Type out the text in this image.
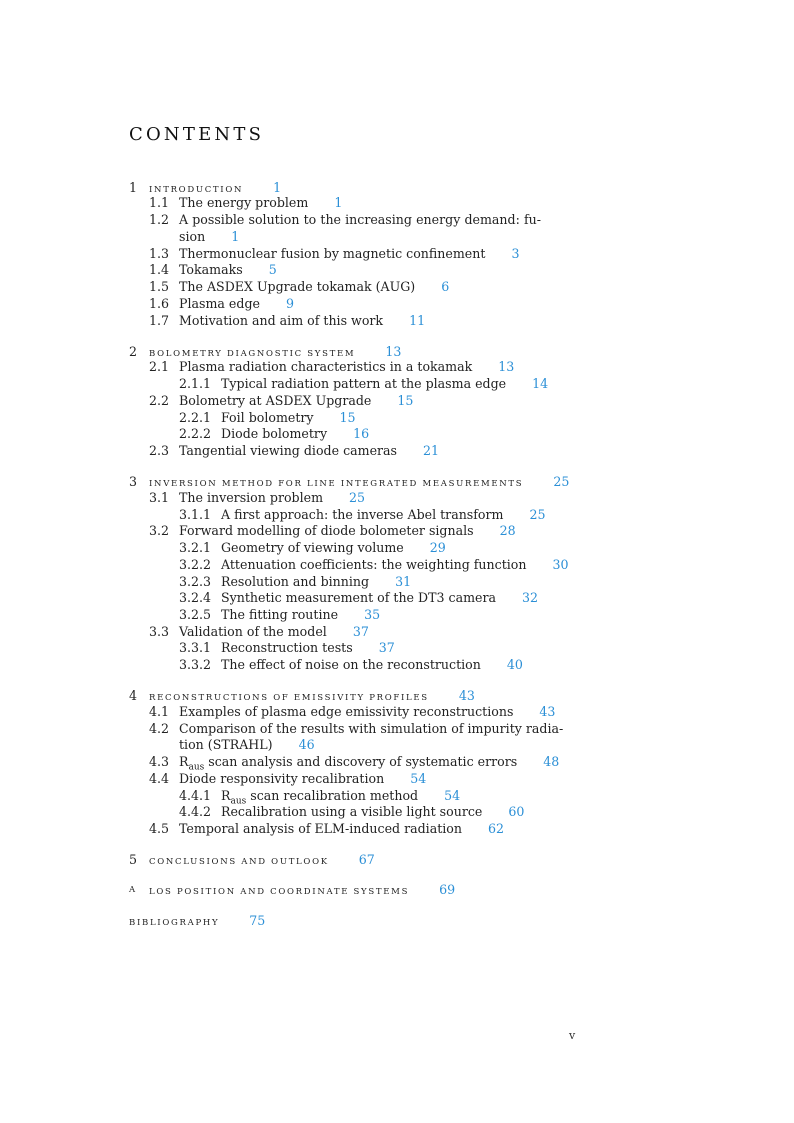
CONTENTS
1 INTRODUCTION 1
1.1 The energy problem 1
1.2 A possible solution to the increasing energy demand: fu-
sion 1
1.3 Thermonuclear fusion by magnetic confinement 3
1.4 Tokamaks 5
1.5 The ASDEX Upgrade tokamak (AUG) 6
1.6 Plasma edge 9
1.7 Motivation and aim of this work 11
2 BOLOMETRY DIAGNOSTIC SYSTEM 13
2.1 Plasma radiation characteristics in a tokamak 13
2.1.1 Typical radiation pattern at the plasma edge 14
2.2 Bolometry at ASDEX Upgrade 15
2.2.1 Foil bolometry 15
2.2.2 Diode bolometry 16
2.3 Tangential viewing diode cameras 21
3 INVERSION METHOD FOR LINE INTEGRATED MEASUREMENTS 25
3.1 The inversion problem 25
3.1.1 A first approach: the inverse Abel transform 25
3.2 Forward modelling of diode bolometer signals 28
3.2.1 Geometry of viewing volume 29
3.2.2 Attenuation coefficients: the weighting function 30
3.2.3 Resolution and binning 31
3.2.4 Synthetic measurement of the DT3 camera 32
3.2.5 The fitting routine 35
3.3 Validation of the model 37
3.3.1 Reconstruction tests 37
3.3.2 The effect of noise on the reconstruction 40
4 RECONSTRUCTIONS OF EMISSIVITY PROFILES 43
4.1 Examples of plasma edge emissivity reconstructions 43
4.2 Comparison of the results with simulation of impurity radia-
tion (STRAHL) 46
4.3 $R_{aus}$ scan analysis and discovery of systematic errors 48
4.4 Diode responsivity recalibration 54
4.4.1 $R_{aus}$ scan recalibration method 54
4.4.2 Recalibration using a visible light source 60
4.5 Temporal analysis of ELM-induced radiation 62
5 CONCLUSIONS AND OUTLOOK 67
A LOS POSITION AND COORDINATE SYSTEMS 69
BIBLIOGRAPHY 75
v
